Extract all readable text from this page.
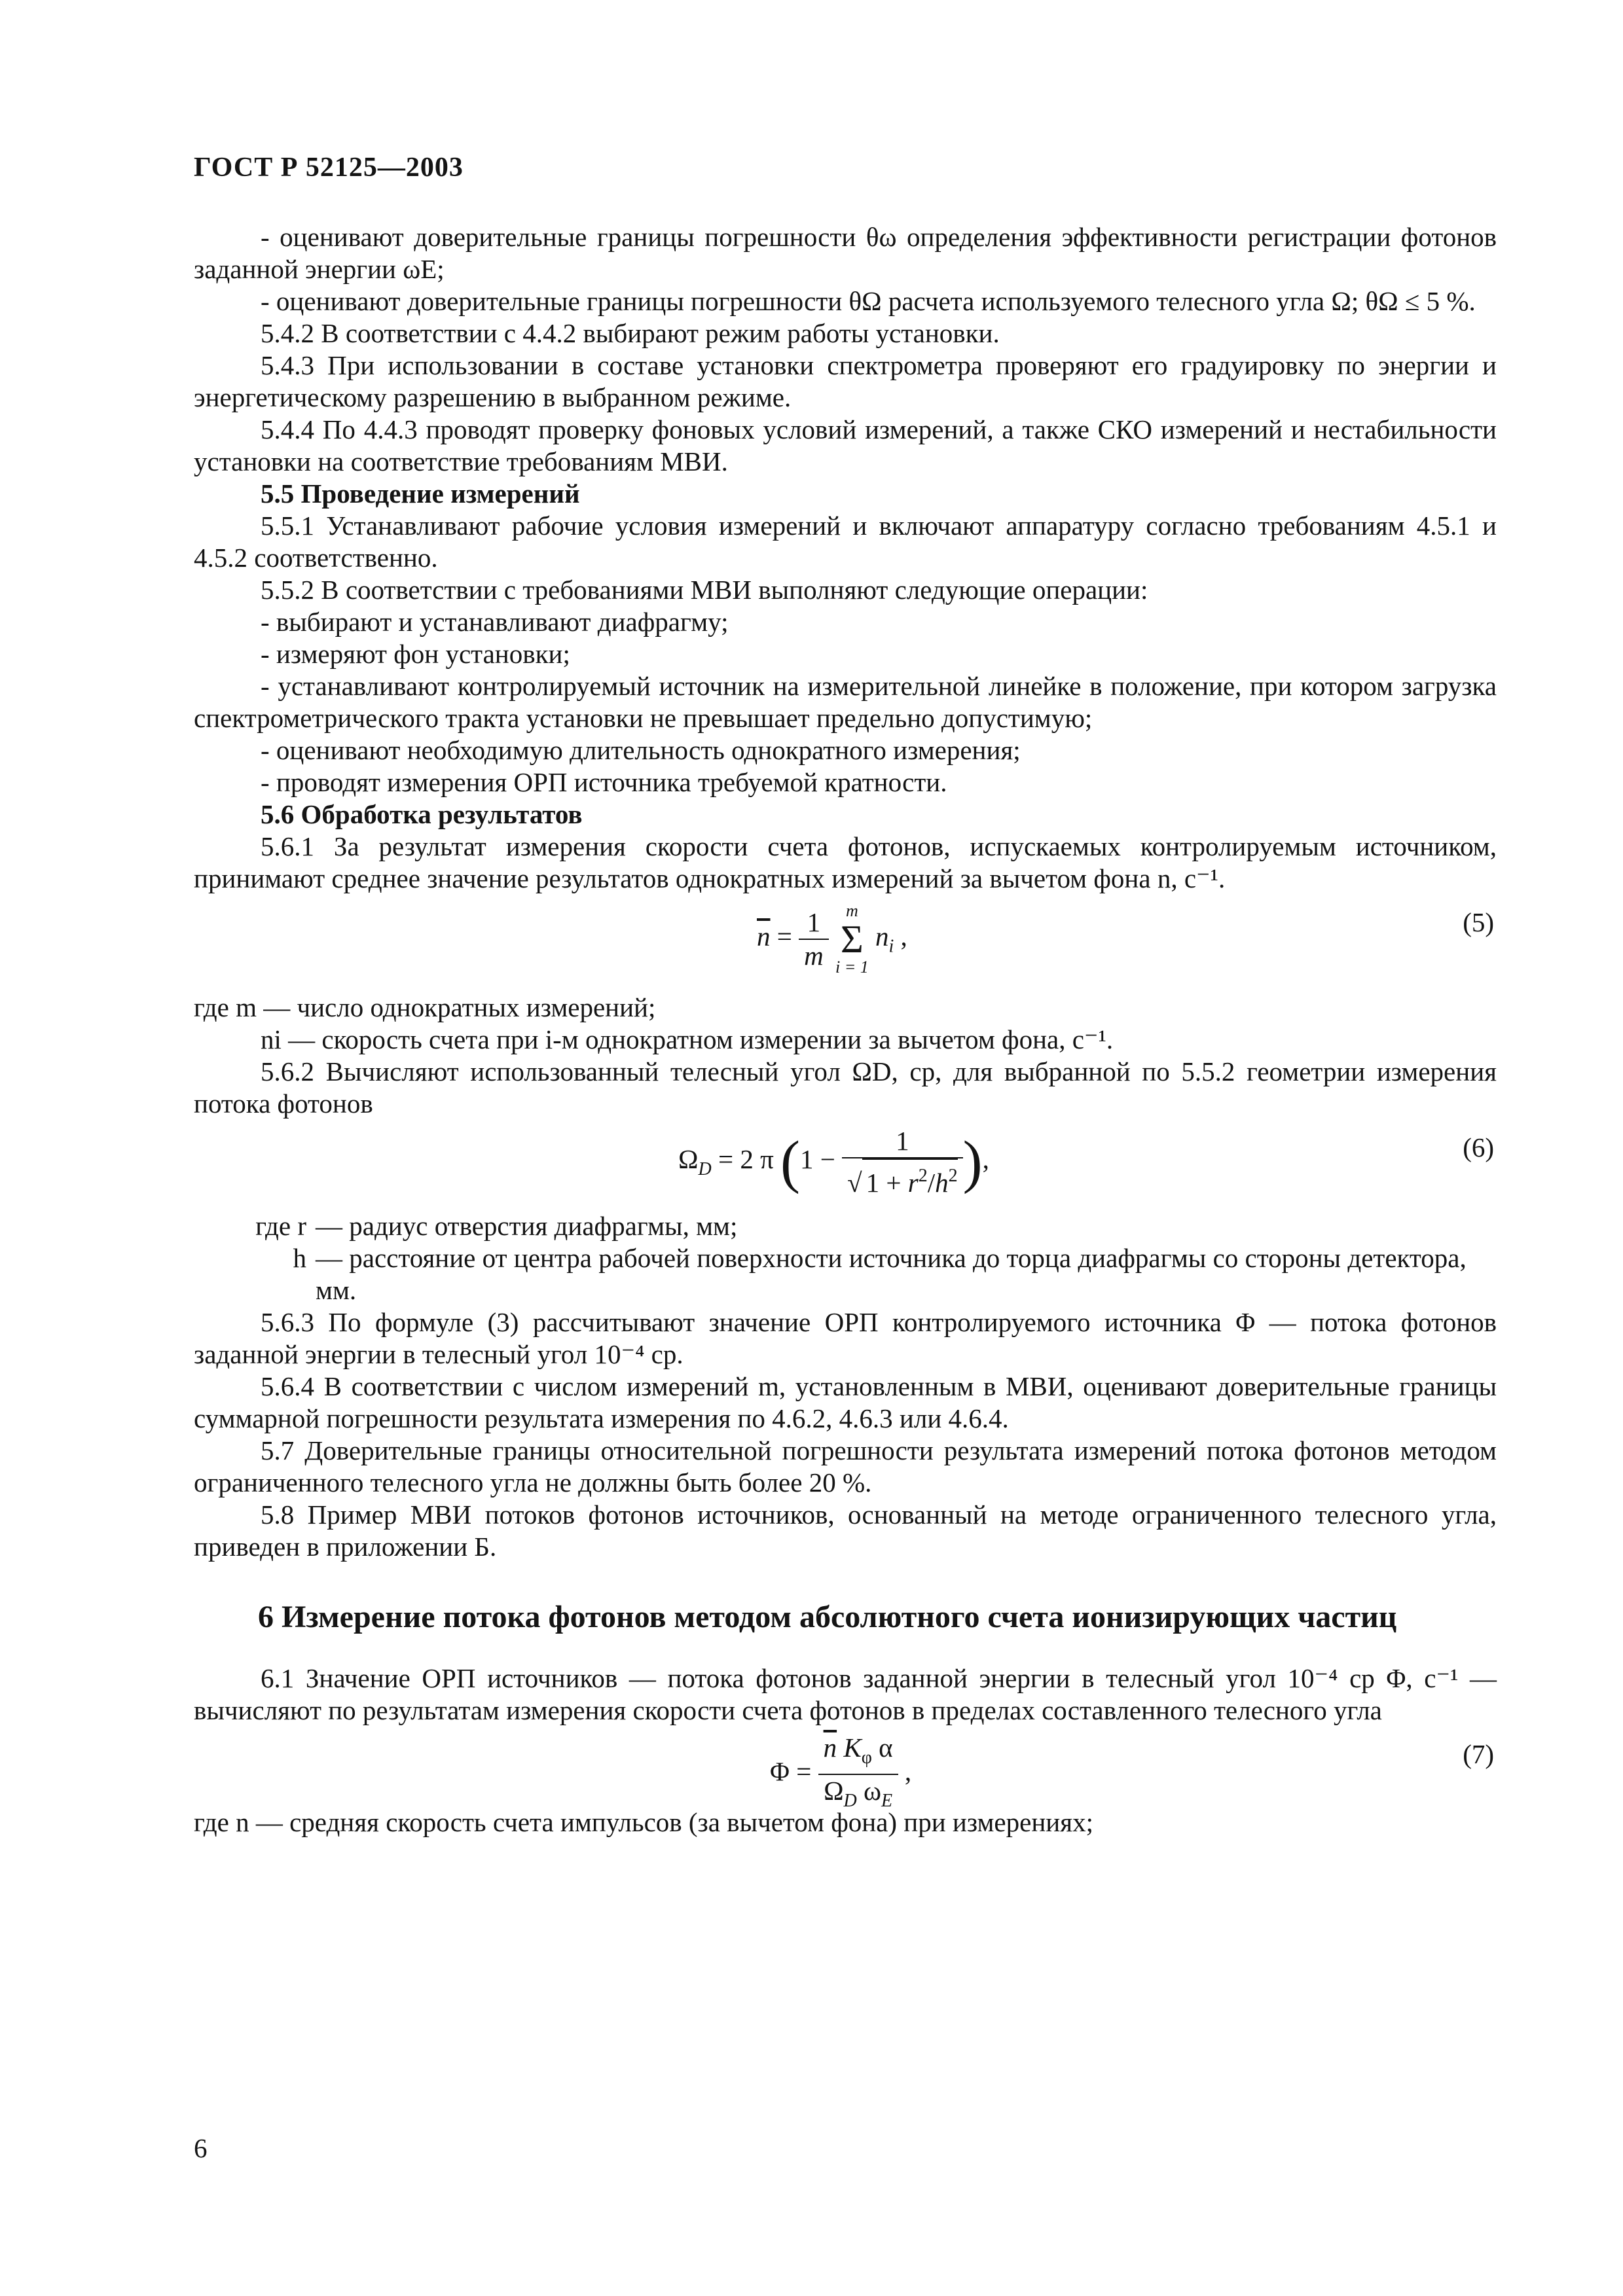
ГОСТ Р 52125—2003

- оценивают доверительные границы погрешности θω определения эффективности регистрации фотонов заданной энергии ωE;

- оценивают доверительные границы погрешности θΩ расчета используемого телесного угла Ω; θΩ ≤ 5 %.

5.4.2 В соответствии с 4.4.2 выбирают режим работы установки.

5.4.3 При использовании в составе установки спектрометра проверяют его градуировку по энергии и энергетическому разрешению в выбранном режиме.

5.4.4 По 4.4.3 проводят проверку фоновых условий измерений, а также СКО измерений и нестабильности установки на соответствие требованиям МВИ.

5.5 Проведение измерений

5.5.1 Устанавливают рабочие условия измерений и включают аппаратуру согласно требованиям 4.5.1 и 4.5.2 соответственно.

5.5.2 В соответствии с требованиями МВИ выполняют следующие операции:

- выбирают и устанавливают диафрагму;

- измеряют фон установки;

- устанавливают контролируемый источник на измерительной линейке в положение, при котором загрузка спектрометрического тракта установки не превышает предельно допустимую;

- оценивают необходимую длительность однократного измерения;

- проводят измерения ОРП источника требуемой кратности.

5.6 Обработка результатов

5.6.1 За результат измерения скорости счета фотонов, испускаемых контролируемым источником, принимают среднее значение результатов однократных измерений за вычетом фона n, с⁻¹.

$\overline{n} = \frac{1}{m}$
	m
Σ
i = 1
$n_i$ ,	(5)

где m — число однократных измерений;

ni — скорость счета при i-м однократном измерении за вычетом фона, с⁻¹.

5.6.2 Вычисляют использованный телесный угол ΩD, ср, для выбранной по 5.5.2 геометрии измерения потока фотонов

$\Omega_D = 2$ π ($1 - \frac{1}{√ 1 + r^2/h^2}$ ),	(6)
где r — радиус отверстия диафрагмы, мм;
h — расстояние от центра рабочей поверхности источника до торца диафрагмы со стороны детектора, мм.

5.6.3 По формуле (3) рассчитывают значение ОРП контролируемого источника Φ — потока фотонов заданной энергии в телесный угол 10⁻⁴ ср.

5.6.4 В соответствии с числом измерений m, установленным в МВИ, оценивают доверительные границы суммарной погрешности результата измерения по 4.6.2, 4.6.3 или 4.6.4.

5.7 Доверительные границы относительной погрешности результата измерений потока фотонов методом ограниченного телесного угла не должны быть более 20 %.

5.8 Пример МВИ потоков фотонов источников, основанный на методе ограниченного телесного угла, приведен в приложении Б.

6 Измерение потока фотонов методом абсолютного счета ионизирующих частиц

6.1 Значение ОРП источников — потока фотонов заданной энергии в телесный угол 10⁻⁴ ср Φ, с⁻¹ — вычисляют по результатам измерения скорости счета фотонов в пределах составленного телесного угла

$\Phi = \frac{\overline{n} K_\varphi \alpha}{\Omega_D \omega_E}$ ,
(7)

где n — средняя скорость счета импульсов (за вычетом фона) при измерениях;

6
